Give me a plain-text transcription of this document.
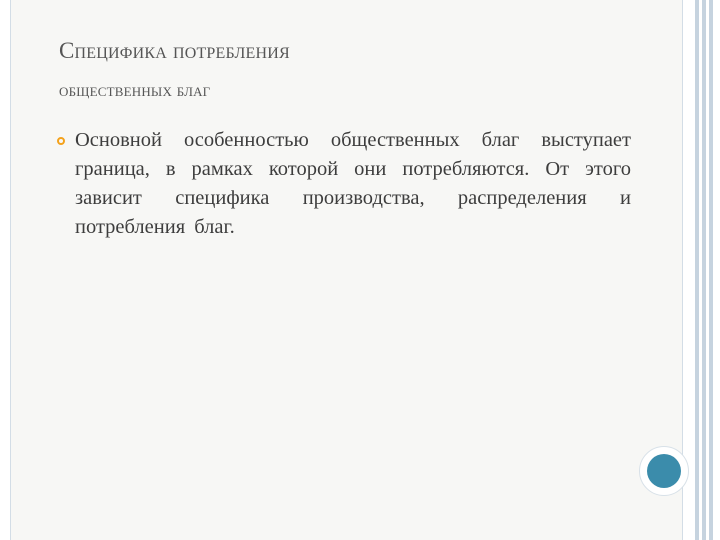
Специфика потребления
общественных благ
Основной особенностью общественных благ выступает граница, в рамках которой они потребляются. От этого зависит специфика производства, распределения и потребления благ.
